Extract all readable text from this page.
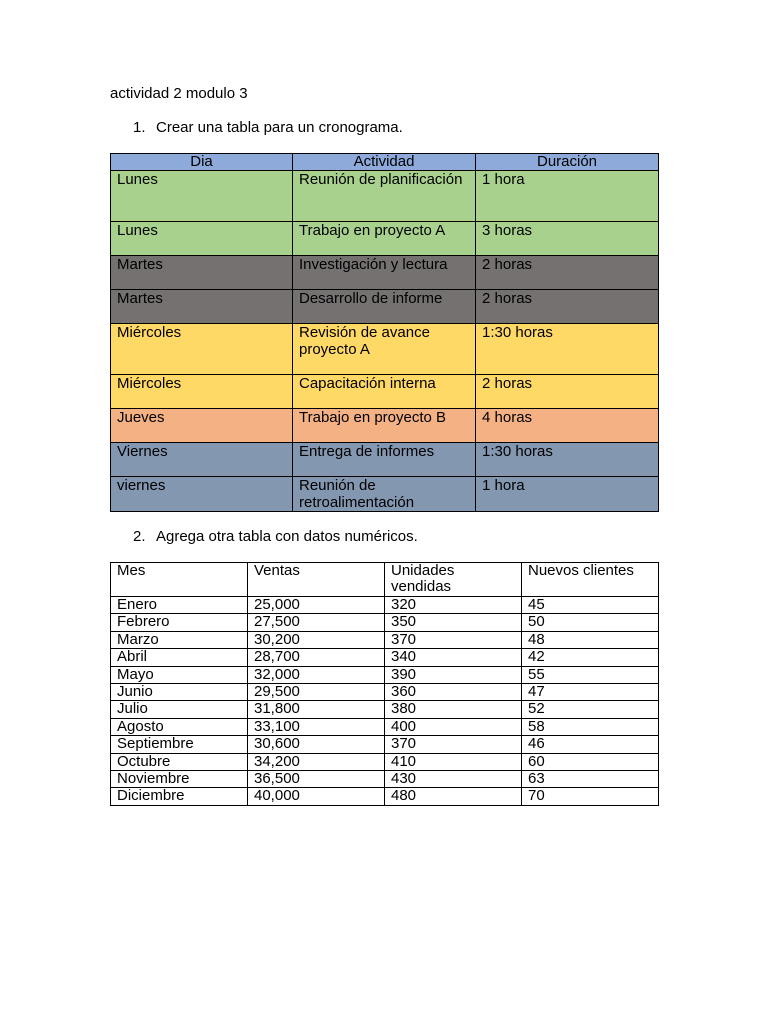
actividad 2 modulo 3
1. Crear una tabla para un cronograma.
Dia	Actividad	Duración
Lunes	Reunión de planificación	1 hora
Lunes	Trabajo en proyecto A	3 horas
Martes	Investigación y lectura	2 horas
Martes	Desarrollo de informe	2 horas
Miércoles	Revisión de avance proyecto A	1:30 horas
Miércoles	Capacitación interna	2 horas
Jueves	Trabajo en proyecto B	4 horas
Viernes	Entrega de informes	1:30 horas
viernes	Reunión de retroalimentación	1 hora
2. Agrega otra tabla con datos numéricos.
Mes	Ventas	Unidades vendidas	Nuevos clientes
Enero	25,000	320	45
Febrero	27,500	350	50
Marzo	30,200	370	48
Abril	28,700	340	42
Mayo	32,000	390	55
Junio	29,500	360	47
Julio	31,800	380	52
Agosto	33,100	400	58
Septiembre	30,600	370	46
Octubre	34,200	410	60
Noviembre	36,500	430	63
Diciembre	40,000	480	70
